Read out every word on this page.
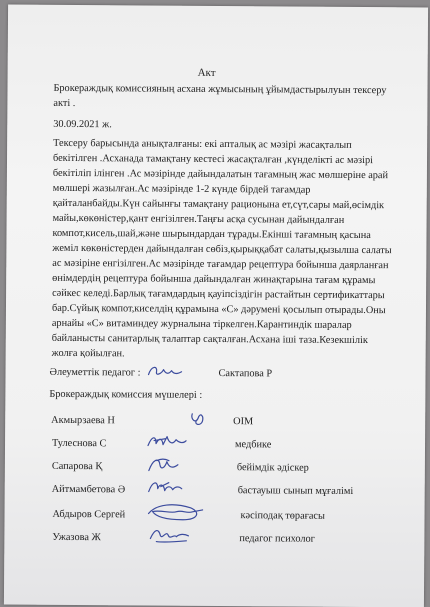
Акт
Брокераждық комиссияның асхана жұмысының ұйымдастырылуын тексеру
акті .
30.09.2021 ж.
Тексеру барысында анықталғаны: екі апталық ас мәзірі жасақталып
бекітілген .Асханада тамақтану кестесі жасақталған ,күнделікті ас мәзірі
бекітіліп ілінген .Ас мәзірінде дайындалатын тағамның жас мөлшеріне арай
мөлшері жазылған.Ас мәзірінде 1-2 күнде бірдей тағамдар
қайталанбайды.Күн сайынғы тамақтану рационына ет,сүт,сары май,өсімдік
майы,көкөністер,қант енгізілген.Таңғы асқа сусынан дайындалған
компот,кисель,шай,және шырындардан тұрады.Екінші тағамның қасына
жеміл көкөністерден дайындалған сөбіз,қырыққабат салаты,қызылша салаты
ас мәзіріне енгізілген.Ас мәзірінде тағамдар рецептура бойынша даярланған
өнімдердің рецептура бойынша дайындалған жинақтарына тағам құрамы
сәйкес келеді.Барлық тағамдардың қауіпсіздігін растайтын сертификаттары
бар.Сүйық компот,киселдің құрамына «С» дәрумені қосылып отырады.Оны
арнайы «С» витаминдеу журналына тіркелген.Карантиндік шаралар
байланысты санитарлық талаптар сақталған.Асхана іші таза.Кезекшілік
жолға қойылған.
Әлеуметтік педагог :	Сактапова Р
Брокераждық комиссия мүшелері :
Акмырзаева Н	ОІМ
Тулеснова С	медбике
Сапарова Қ	бейімдік әдіскер
Айтмамбетова Ә	бастауыш сынып мұғалімі
Абдыров Сергей	кәсіподақ төрағасы
Ужазова Ж	педагог психолог
